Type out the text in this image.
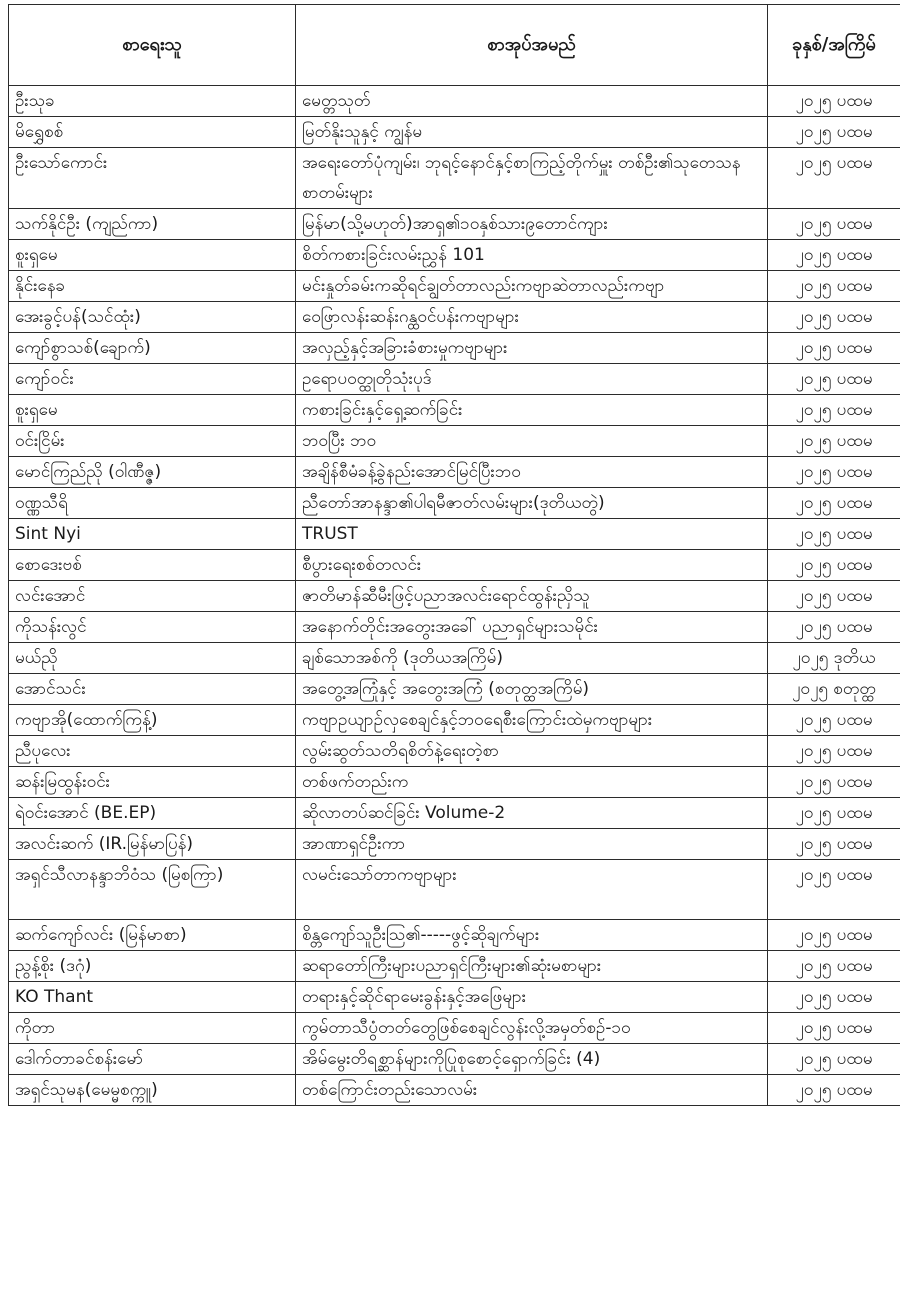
စာရေးသူ	စာအုပ်အမည်	ခုနှစ်/အကြိမ်
ဦးသုခ	မေတ္တသုတ်	၂၀၂၅ ပထမ
မိရွှေစစ်	မြတ်နိုးသူနှင့် ကျွန်မ	၂၀၂၅ ပထမ
ဦးသော်ကောင်း	အရေးတော်ပုံကျမ်း၊ ဘုရင့်နောင်နှင့်စာကြည့်တိုက်မှူး တစ်ဦး၏သုတေသနစာတမ်းများ	၂၀၂၅ ပထမ
သက်နိုင်ဦး (ကျည်ကာ)	မြန်မာ(သို့မဟုတ်)အာရှ၏၁၀နှစ်သား၉တောင်ကျား	၂၀၂၅ ပထမ
စူးရှမေ	စိတ်ကစားခြင်းလမ်းညွှန် 101	၂၀၂၅ ပထမ
နိုင်းနေခ	မင်းနှုတ်ခမ်းကဆိုရင်ချွတ်တာလည်းကဗျာဆဲတာလည်းကဗျာ	၂၀၂၅ ပထမ
အေးခွင့်ပန်(သင်ထုံး)	ဝေဖြာလန်းဆန်းဂန္ထဝင်ပန်းကဗျာများ	၂၀၂၅ ပထမ
ကျော်စွာသစ်(ချောက်)	အလှည့်နှင့်အခြားခံစားမှုကဗျာများ	၂၀၂၅ ပထမ
ကျော်ဝင်း	ဥရောပဝတ္ထုတိုသုံးပုဒ်	၂၀၂၅ ပထမ
စူးရှမေ	ကစားခြင်းနှင့်ရှေ့ဆက်ခြင်း	၂၀၂၅ ပထမ
ဝင်းငြိမ်း	ဘဝပြီး ဘဝ	၂၀၂၅ ပထမ
မောင်ကြည်ညို (ဝါဏီဇ္ဇ)	အချိန်စီမံခန့်ခွဲနည်းအောင်မြင်ပြီးဘဝ	၂၀၂၅ ပထမ
ဝဏ္ဏသီရိ	ညီတော်အာနန္ဒာ၏ပါရမီဇာတ်လမ်းများ(ဒုတိယတွဲ)	၂၀၂၅ ပထမ
Sint Nyi	TRUST	၂၀၂၅ ပထမ
စောဒေးဗစ်	စီပွားရေးစစ်တလင်း	၂၀၂၅ ပထမ
လင်းအောင်	ဇာတိမာန်ဆီမီးဖြင့်ပညာအလင်းရောင်ထွန်းညှိသူ	၂၀၂၅ ပထမ
ကိုသန်းလွင်	အနောက်တိုင်းအတွေးအခေါ် ပညာရှင်များသမိုင်း	၂၀၂၅ ပထမ
မယ်ညို	ချစ်သောအစ်ကို (ဒုတိယအကြိမ်)	၂၀၂၅ ဒုတိယ
အောင်သင်း	အတွေ့အကြုံနှင့် အတွေးအကြံ (စတုတ္ထအကြိမ်)	၂၀၂၅ စတုတ္ထ
ကဗျာအို(ထောက်ကြန့်)	ကဗျာဥယျာဉ်လှစေချင်နှင့်ဘဝရေစီးကြောင်းထဲမှကဗျာများ	၂၀၂၅ ပထမ
ညီပုလေး	လွမ်းဆွတ်သတိရစိတ်နဲ့ရေးတဲ့စာ	၂၀၂၅ ပထမ
ဆန်းမြထွန်းဝင်း	တစ်ဖက်တည်းက	၂၀၂၅ ပထမ
ရဲဝင်းအောင် (BE.EP)	ဆိုလာတပ်ဆင်ခြင်း Volume-2	၂၀၂၅ ပထမ
အလင်းဆက် (IR.မြန်မာပြန်)	အာဏာရှင်ဦးကာ	၂၀၂၅ ပထမ
အရှင်သီလာနန္ဒာဘိဝံသ (မြစကြာ)	လမင်းသော်တာကဗျာများ	၂၀၂၅ ပထမ
ဆက်ကျော်လင်း (မြန်မာစာ)	စိန္တကျော်သူဦးဩ၏-----ဖွင့်ဆိုချက်များ	၂၀၂၅ ပထမ
ညွန့်စိုး (ဒဂုံ)	ဆရာတော်ကြီးများပညာရှင်ကြီးများ၏ဆုံးမစာများ	၂၀၂၅ ပထမ
KO Thant	တရားနှင့်ဆိုင်ရာမေးခွန်းနှင့်အဖြေများ	၂၀၂၅ ပထမ
ကိုတာ	ကွမ်တာသီပွံတတ်တွေဖြစ်စေချင်လွန်းလို့အမှတ်စဉ်-၁၀	၂၀၂၅ ပထမ
ဒေါက်တာခင်စန်းမော်	အိမ်မွေးတိရစ္ဆာန်များကိုပြုစုစောင့်ရှောက်ခြင်း (4)	၂၀၂၅ ပထမ
အရှင်သုမန(မေမ္မစက္ကူ)	တစ်ကြောင်းတည်းသောလမ်း	၂၀၂၅ ပထမ
